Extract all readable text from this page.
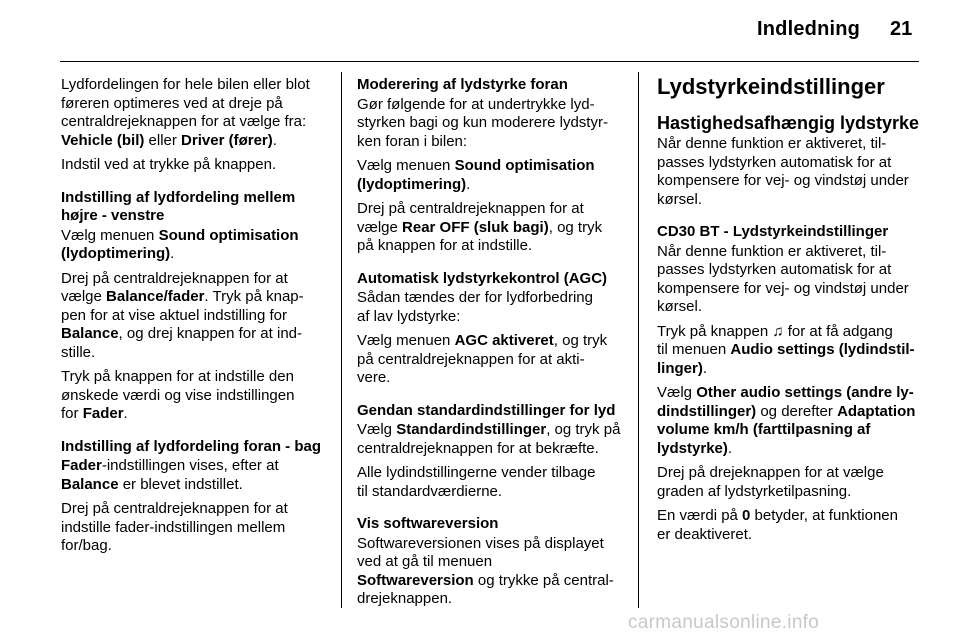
Indledning 21

Lydfordelingen for hele bilen eller blot
føreren optimeres ved at dreje på
centraldrejeknappen for at vælge fra:
Vehicle (bil) eller Driver (fører).

Indstil ved at trykke på knappen.

Indstilling af lydfordeling mellem
højre - venstre

Vælg menuen Sound optimisation
(lydoptimering).

Drej på centraldrejeknappen for at
vælge Balance/fader. Tryk på knap-
pen for at vise aktuel indstilling for
Balance, og drej knappen for at ind-
stille.

Tryk på knappen for at indstille den
ønskede værdi og vise indstillingen
for Fader.

Indstilling af lydfordeling foran - bag

Fader-indstillingen vises, efter at
Balance er blevet indstillet.

Drej på centraldrejeknappen for at
indstille fader-indstillingen mellem
for/bag.

Moderering af lydstyrke foran

Gør følgende for at undertrykke lyd-
styrken bagi og kun moderere lydstyr-
ken foran i bilen:

Vælg menuen Sound optimisation
(lydoptimering).

Drej på centraldrejeknappen for at
vælge Rear OFF (sluk bagi), og tryk
på knappen for at indstille.

Automatisk lydstyrkekontrol (AGC)

Sådan tændes der for lydforbedring
af lav lydstyrke:

Vælg menuen AGC aktiveret, og tryk
på centraldrejeknappen for at akti-
vere.

Gendan standardindstillinger for lyd

Vælg Standardindstillinger, og tryk på
centraldrejeknappen for at bekræfte.

Alle lydindstillingerne vender tilbage
til standardværdierne.

Vis softwareversion

Softwareversionen vises på displayet
ved at gå til menuen
Softwareversion og trykke på central-
drejeknappen.

Lydstyrkeindstillinger
Hastighedsafhængig lydstyrke

Når denne funktion er aktiveret, til-
passes lydstyrken automatisk for at
kompensere for vej- og vindstøj under
kørsel.

CD30 BT - Lydstyrkeindstillinger

Når denne funktion er aktiveret, til-
passes lydstyrken automatisk for at
kompensere for vej- og vindstøj under
kørsel.

Tryk på knappen ♫ for at få adgang
til menuen Audio settings (lydindstil-
linger).

Vælg Other audio settings (andre ly-
dindstillinger) og derefter Adaptation
volume km/h (farttilpasning af
lydstyrke).

Drej på drejeknappen for at vælge
graden af lydstyrketilpasning.

En værdi på 0 betyder, at funktionen
er deaktiveret.

carmanualsonline.info
